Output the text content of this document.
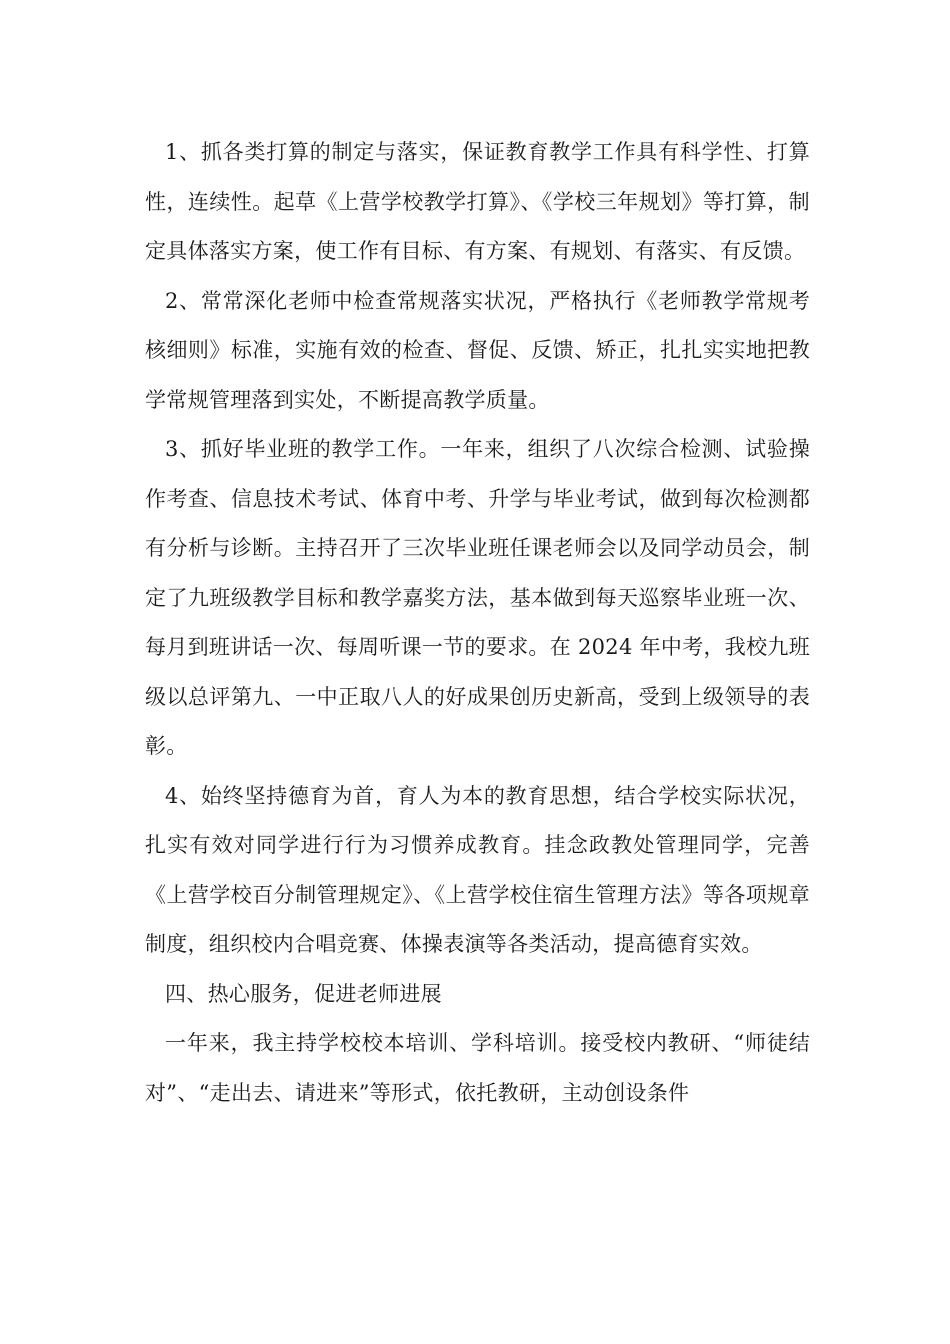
1、抓各类打算的制定与落实，保证教育教学工作具有科学性、打算性，连续性。起草《上营学校教学打算》、《学校三年规划》等打算，制定具体落实方案，使工作有目标、有方案、有规划、有落实、有反馈。

2、常常深化老师中检查常规落实状况，严格执行《老师教学常规考核细则》标准，实施有效的检查、督促、反馈、矫正，扎扎实实地把教学常规管理落到实处，不断提高教学质量。

3、抓好毕业班的教学工作。一年来，组织了八次综合检测、试验操作考查、信息技术考试、体育中考、升学与毕业考试，做到每次检测都有分析与诊断。主持召开了三次毕业班任课老师会以及同学动员会，制定了九班级教学目标和教学嘉奖方法，基本做到每天巡察毕业班一次、每月到班讲话一次、每周听课一节的要求。在 2024 年中考，我校九班级以总评第九、一中正取八人的好成果创历史新高，受到上级领导的表彰。

4、始终坚持德育为首，育人为本的教育思想，结合学校实际状况，扎实有效对同学进行行为习惯养成教育。挂念政教处管理同学，完善《上营学校百分制管理规定》、《上营学校住宿生管理方法》等各项规章制度，组织校内合唱竞赛、体操表演等各类活动，提高德育实效。

四、热心服务，促进老师进展

一年来，我主持学校校本培训、学科培训。接受校内教研、“师徒结对”、“走出去、请进来”等形式，依托教研，主动创设条件
